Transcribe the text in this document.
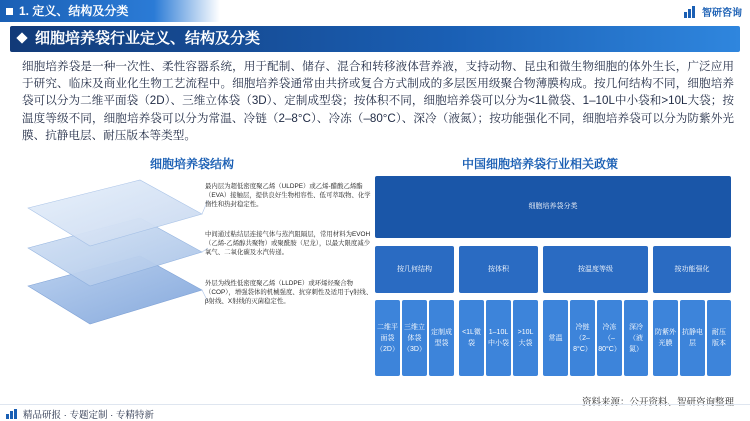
1. 定义、结构及分类	智研咨询
细胞培养袋行业定义、结构及分类
细胞培养袋是一种一次性、柔性容器系统，用于配制、储存、混合和转移液体营养液，支持动物、昆虫和微生物细胞的体外生长，广泛应用于研究、临床及商业化生物工艺流程中。细胞培养袋通常由共挤或复合方式制成的多层医用级聚合物薄膜构成。按几何结构不同，细胞培养袋可以分为二维平面袋（2D）、三维立体袋（3D）、定制成型袋；按体积不同，细胞培养袋可以分为<1L微袋、1–10L中小袋和>10L大袋；按温度等级不同，细胞培养袋可以分为常温、冷链（2–8°C）、冷冻（–80°C）、深冷（液氮）；按功能强化不同，细胞培养袋可以分为防紫外光膜、抗静电层、耐压版本等类型。
细胞培养袋结构	中国细胞培养袋行业相关政策
最内层为超低密度聚乙烯（ULDPE）或乙烯-醋酸乙烯酯（EVA）接触层，提供良好生物相容性、低可萃取物、化学惰性和热封稳定性。
中间通过粘结层连接气体与蒸汽阻隔层，常用材料为EVOH（乙烯-乙烯醇共聚物）或聚酰胺（尼龙），以最大限度减少氧气、二氧化碳及水汽传递。
外层为线性低密度聚乙烯（LLDPE）或环烯烃聚合物（COP），增强袋体的机械强度、抗穿刺性及适用于γ射线、β射线、X射线的灭菌稳定性。
细胞培养袋分类
按几何结构	按体积	按温度等级	按功能强化
二维平面袋（2D）
三维立体袋（3D）
定制成型袋
<1L微袋
1–10L中小袋
>10L大袋
常温
冷链（2–8°C）
冷冻（–80°C）
深冷（液氮）
防紫外光膜
抗静电层
耐压版本
资料来源：公开资料、智研咨询整理
精品研报 · 专题定制 · 专精特新
